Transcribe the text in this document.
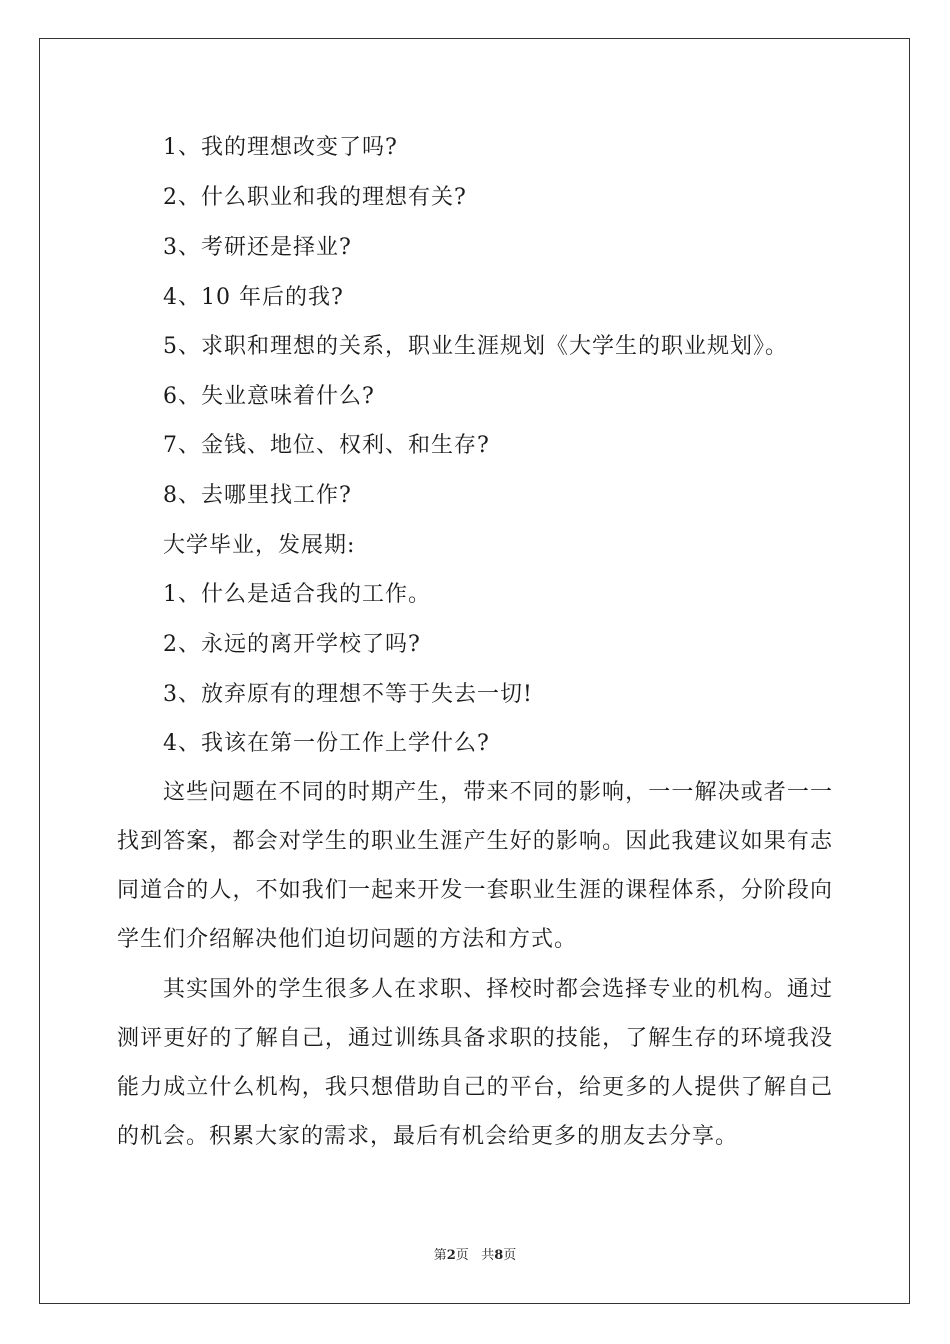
1、我的理想改变了吗?
2、什么职业和我的理想有关?
3、考研还是择业?
4、10 年后的我?
5、求职和理想的关系，职业生涯规划《大学生的职业规划》。
6、失业意味着什么?
7、金钱、地位、权利、和生存?
8、去哪里找工作?
大学毕业，发展期:
1、什么是适合我的工作。
2、永远的离开学校了吗?
3、放弃原有的理想不等于失去一切!
4、我该在第一份工作上学什么?
这些问题在不同的时期产生，带来不同的影响，一一解决或者一一找到答案，都会对学生的职业生涯产生好的影响。因此我建议如果有志同道合的人，不如我们一起来开发一套职业生涯的课程体系，分阶段向学生们介绍解决他们迫切问题的方法和方式。
其实国外的学生很多人在求职、择校时都会选择专业的机构。通过测评更好的了解自己，通过训练具备求职的技能，了解生存的环境我没能力成立什么机构，我只想借助自己的平台，给更多的人提供了解自己的机会。积累大家的需求，最后有机会给更多的朋友去分享。
第2页 共8页
